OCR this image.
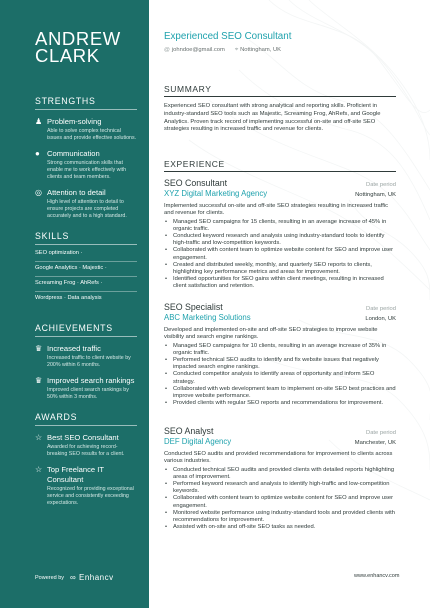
ANDREW
CLARK
STRENGTHS
♟ Problem-solving
Able to solve complex technical issues and provide effective solutions.
● Communication
Strong communication skills that enable me to work effectively with clients and team members.
◎ Attention to detail
High level of attention to detail to ensure projects are completed accurately and to a high standard.
SKILLS
SEO optimization ·
Google Analytics · Majestic ·
Screaming Frog · AhRefs ·
Wordpress · Data analysis
ACHIEVEMENTS
♛ Increased traffic
Increased traffic to client website by 200% within 6 months.
♛ Improved search rankings
Improved client search rankings by 50% within 3 months.
AWARDS
☆ Best SEO Consultant
Awarded for achieving record-breaking SEO results for a client.
☆ Top Freelance IT Consultant
Recognized for providing exceptional service and consistently exceeding expectations.
Powered by ∞ Enhancv
Experienced SEO Consultant
@ johndoe@gmail.com ⌖ Nottingham, UK
SUMMARY
Experienced SEO consultant with strong analytical and reporting skills. Proficient in industry-standard SEO tools such as Majestic, Screaming Frog, AhRefs, and Google Analytics. Proven track record of implementing successful on-site and off-site SEO strategies resulting in increased traffic and revenue for clients.
EXPERIENCE
SEO Consultant	Date period
XYZ Digital Marketing Agency	Nottingham, UK
Implemented successful on-site and off-site SEO strategies resulting in increased traffic and revenue for clients.
• Managed SEO campaigns for 15 clients, resulting in an average increase of 45% in organic traffic.
• Conducted keyword research and analysis using industry-standard tools to identify high-traffic and low-competition keywords.
• Collaborated with content team to optimize website content for SEO and improve user engagement.
• Created and distributed weekly, monthly, and quarterly SEO reports to clients, highlighting key performance metrics and areas for improvement.
• Identified opportunities for SEO gains within client meetings, resulting in increased client satisfaction and retention.
SEO Specialist	Date period
ABC Marketing Solutions	London, UK
Developed and implemented on-site and off-site SEO strategies to improve website visibility and search engine rankings.
• Managed SEO campaigns for 10 clients, resulting in an average increase of 35% in organic traffic.
• Performed technical SEO audits to identify and fix website issues that negatively impacted search engine rankings.
• Conducted competitor analysis to identify areas of opportunity and inform SEO strategy.
• Collaborated with web development team to implement on-site SEO best practices and improve website performance.
• Provided clients with regular SEO reports and recommendations for improvement.
SEO Analyst	Date period
DEF Digital Agency	Manchester, UK
Conducted SEO audits and provided recommendations for improvement to clients across various industries.
• Conducted technical SEO audits and provided clients with detailed reports highlighting areas of improvement.
• Performed keyword research and analysis to identify high-traffic and low-competition keywords.
• Collaborated with content team to optimize website content for SEO and improve user engagement.
• Monitored website performance using industry-standard tools and provided clients with recommendations for improvement.
• Assisted with on-site and off-site SEO tasks as needed.
www.enhancv.com
